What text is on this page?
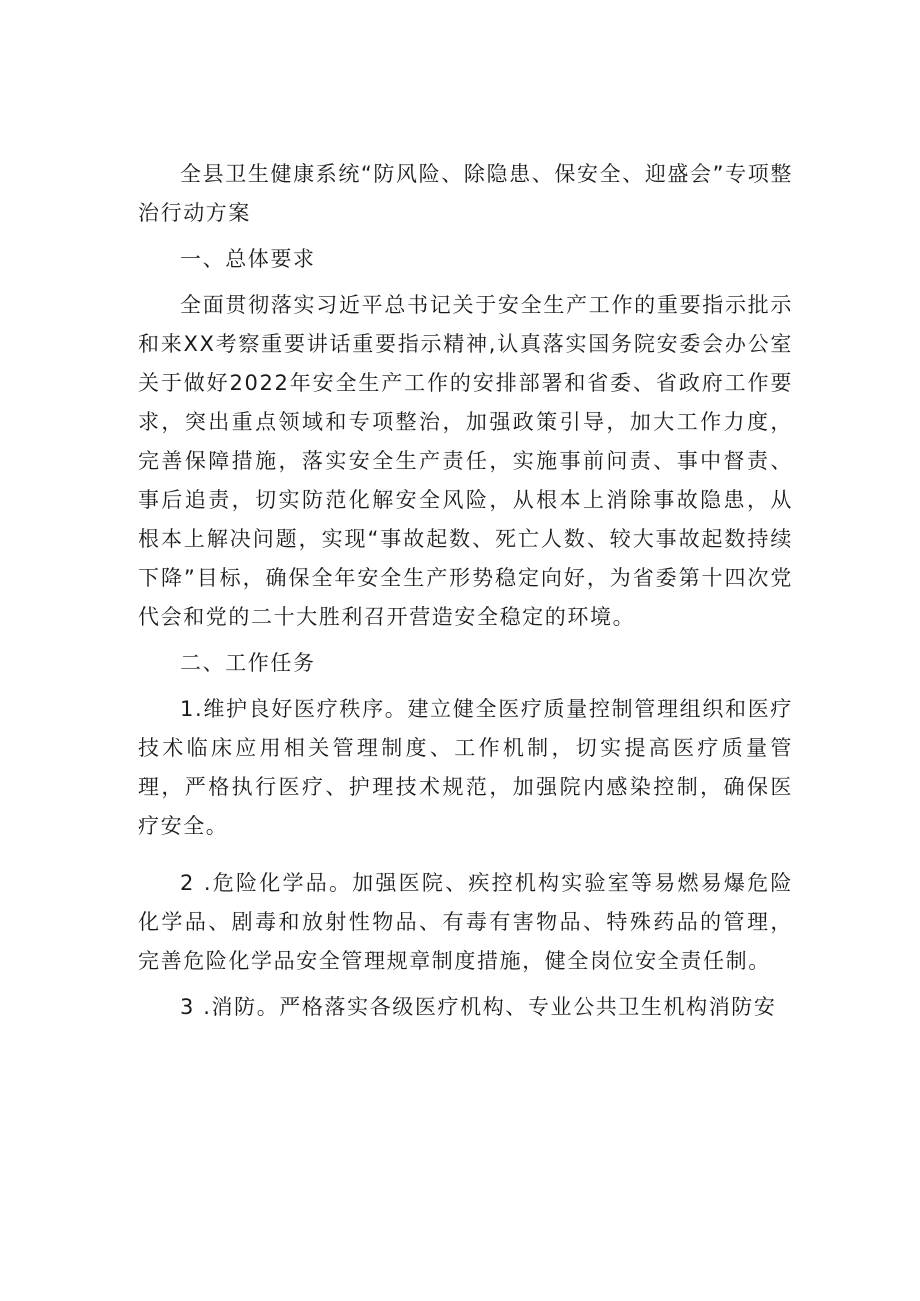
全县卫生健康系统“防风险、除隐患、保安全、迎盛会”专项整治行动方案

一、总体要求

全面贯彻落实习近平总书记关于安全生产工作的重要指示批示和来XX考察重要讲话重要指示精神,认真落实国务院安委会办公室关于做好2022年安全生产工作的安排部署和省委、省政府工作要求，突出重点领域和专项整治，加强政策引导，加大工作力度，完善保障措施，落实安全生产责任，实施事前问责、事中督责、事后追责，切实防范化解安全风险，从根本上消除事故隐患，从根本上解决问题，实现“事故起数、死亡人数、较大事故起数持续下降”目标，确保全年安全生产形势稳定向好，为省委第十四次党代会和党的二十大胜利召开营造安全稳定的环境。

二、工作任务

1.维护良好医疗秩序。建立健全医疗质量控制管理组织和医疗技术临床应用相关管理制度、工作机制，切实提高医疗质量管理，严格执行医疗、护理技术规范，加强院内感染控制，确保医疗安全。

2 .危险化学品。加强医院、疾控机构实验室等易燃易爆危险化学品、剧毒和放射性物品、有毒有害物品、特殊药品的管理，完善危险化学品安全管理规章制度措施，健全岗位安全责任制。

3 .消防。严格落实各级医疗机构、专业公共卫生机构消防安
